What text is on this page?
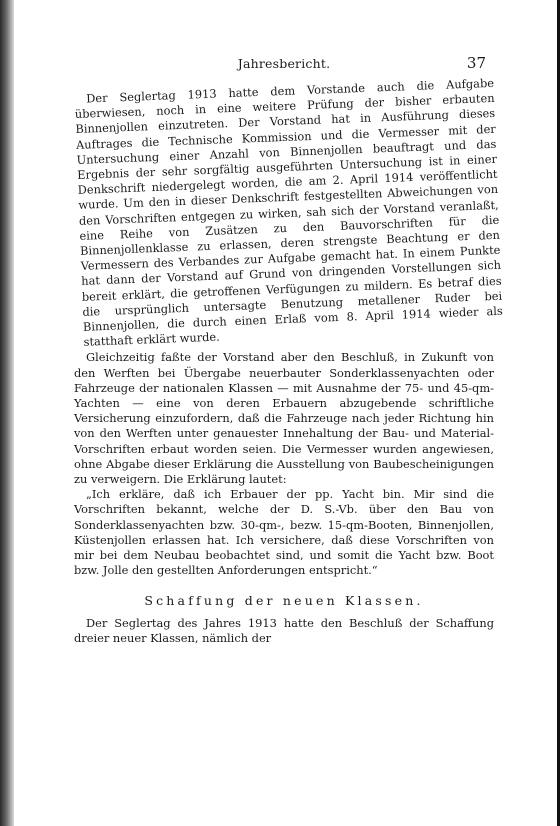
Jahresbericht.	37

Der Seglertag 1913 hatte dem Vorstande auch die Aufgabe überwiesen, noch in eine weitere Prüfung der bisher erbauten Binnenjollen einzutreten. Der Vorstand hat in Ausführung dieses Auftrages die Technische Kommission und die Vermesser mit der Untersuchung einer Anzahl von Binnenjollen beauftragt und das Ergebnis der sehr sorgfältig ausgeführten Untersuchung ist in einer Denkschrift niedergelegt worden, die am 2. April 1914 veröffentlicht wurde. Um den in dieser Denkschrift festgestellten Abweichungen von den Vorschriften entgegen zu wirken, sah sich der Vorstand veranlaßt, eine Reihe von Zusätzen zu den Bauvorschriften für die Binnenjollenklasse zu erlassen, deren strengste Beachtung er den Vermessern des Verbandes zur Aufgabe gemacht hat. In einem Punkte hat dann der Vorstand auf Grund von dringenden Vorstellungen sich bereit erklärt, die getroffenen Verfügungen zu mildern. Es betraf dies die ursprünglich untersagte Benutzung metallener Ruder bei Binnenjollen, die durch einen Erlaß vom 8. April 1914 wieder als statthaft erklärt wurde.

Gleichzeitig faßte der Vorstand aber den Beschluß, in Zukunft von den Werften bei Übergabe neuerbauter Sonderklassenyachten oder Fahrzeuge der nationalen Klassen — mit Ausnahme der 75- und 45-qm-Yachten — eine von deren Erbauern abzugebende schriftliche Versicherung einzufordern, daß die Fahrzeuge nach jeder Richtung hin von den Werften unter genauester Innehaltung der Bau- und Material-Vorschriften erbaut worden seien. Die Vermesser wurden angewiesen, ohne Abgabe dieser Erklärung die Ausstellung von Baubescheinigungen zu verweigern. Die Erklärung lautet:

„Ich erkläre, daß ich Erbauer der pp. Yacht bin. Mir sind die Vorschriften bekannt, welche der D. S.-Vb. über den Bau von Sonderklassenyachten bzw. 30-qm-, bezw. 15-qm-Booten, Binnenjollen, Küstenjollen erlassen hat. Ich versichere, daß diese Vorschriften von mir bei dem Neubau beobachtet sind, und somit die Yacht bzw. Boot bzw. Jolle den gestellten Anforderungen entspricht.“

Schaffung der neuen Klassen.

Der Seglertag des Jahres 1913 hatte den Beschluß der Schaffung dreier neuer Klassen, nämlich der
